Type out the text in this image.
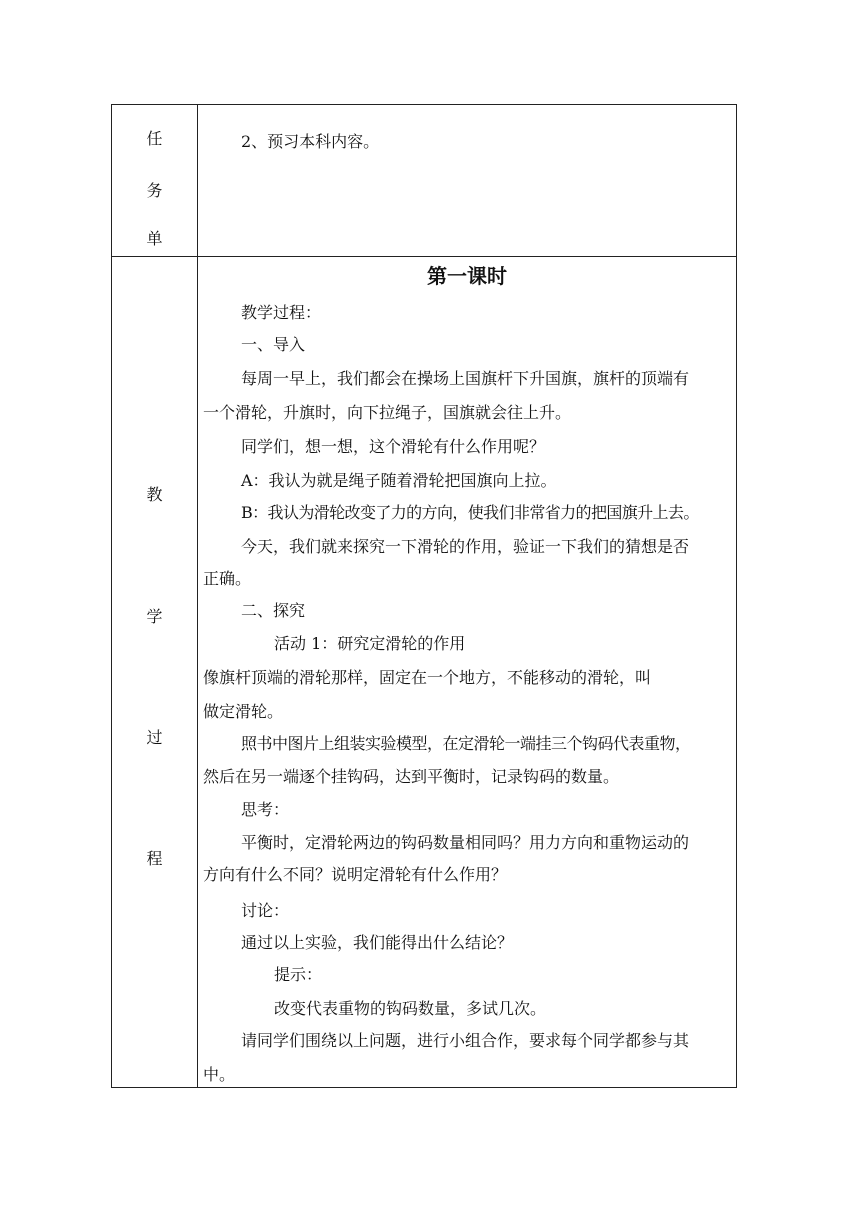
任
务
单
2、预习本科内容。
教
学
过
程
第一课时
教学过程：
一、导入
每周一早上，我们都会在操场上国旗杆下升国旗，旗杆的顶端有
一个滑轮，升旗时，向下拉绳子，国旗就会往上升。
同学们，想一想，这个滑轮有什么作用呢？
A：我认为就是绳子随着滑轮把国旗向上拉。
B：我认为滑轮改变了力的方向，使我们非常省力的把国旗升上去。
今天，我们就来探究一下滑轮的作用，验证一下我们的猜想是否
正确。
二、探究
活动 1：研究定滑轮的作用
像旗杆顶端的滑轮那样，固定在一个地方，不能移动的滑轮，叫
做定滑轮。
照书中图片上组装实验模型，在定滑轮一端挂三个钩码代表重物，
然后在另一端逐个挂钩码，达到平衡时，记录钩码的数量。
思考：
平衡时，定滑轮两边的钩码数量相同吗？用力方向和重物运动的
方向有什么不同？说明定滑轮有什么作用？
讨论：
通过以上实验，我们能得出什么结论？
提示：
改变代表重物的钩码数量，多试几次。
请同学们围绕以上问题，进行小组合作，要求每个同学都参与其
中。
